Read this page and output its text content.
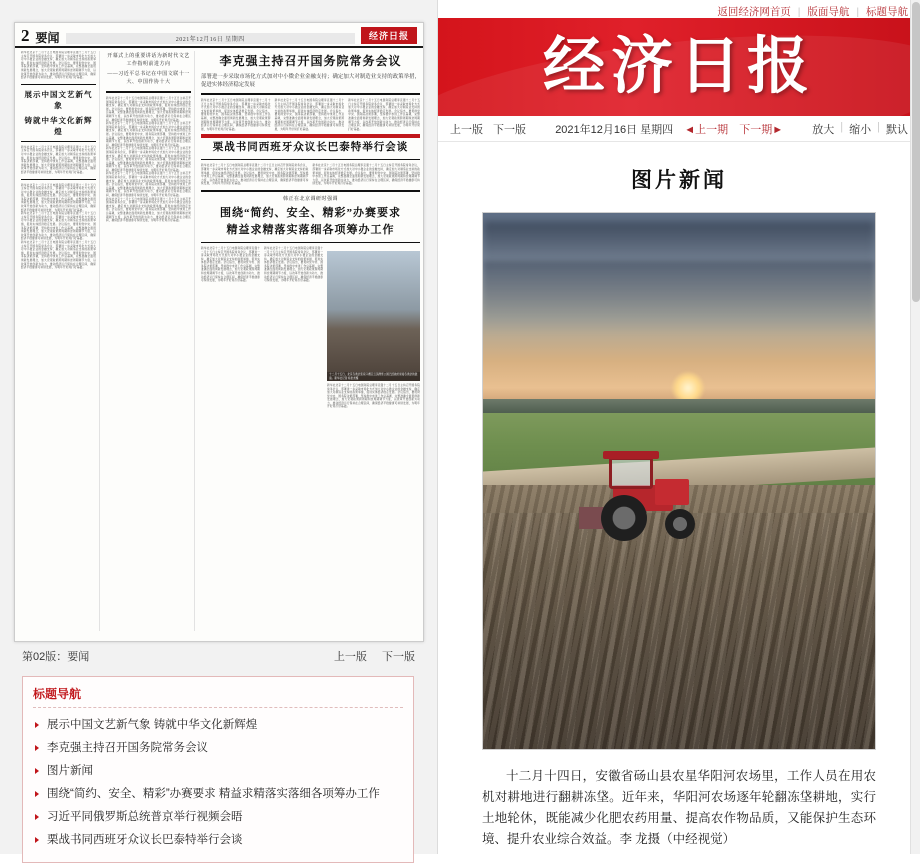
2 要闻	2021年12月16日 星期四	经济日报
新华社北京十二月十五日电国务院总理李克强十二月十五日主持召开国务院常务会议，部署进一步采取市场化方式加大对中小微企业的金融支持，确定加大对制造业支持的政策举措，促进实体经济稳定发展。会议指出，要贯彻党中央、国务院决策部署，坚持稳中求进工作总基调，完整准确全面贯彻新发展理念，加大宏观政策跨周期和逆周期调节力度，以改革开放创新为动力，推动经济运行保持在合理区间，确保经济平稳健康可持续发展，为明年开好局打好基础。
展示中国文艺新气象
铸就中华文化新辉煌
新华社北京十二月十五日电国务院总理李克强十二月十五日主持召开国务院常务会议，部署进一步采取市场化方式加大对中小微企业的金融支持，确定加大对制造业支持的政策举措，促进实体经济稳定发展。会议指出，要贯彻党中央、国务院决策部署，坚持稳中求进工作总基调，完整准确全面贯彻新发展理念，加大宏观政策跨周期和逆周期调节力度，以改革开放创新为动力，推动经济运行保持在合理区间，确保经济平稳健康可持续发展，为明年开好局打好基础。
新华社北京十二月十五日电国务院总理李克强十二月十五日主持召开国务院常务会议，部署进一步采取市场化方式加大对中小微企业的金融支持，确定加大对制造业支持的政策举措，促进实体经济稳定发展。会议指出，要贯彻党中央、国务院决策部署，坚持稳中求进工作总基调，完整准确全面贯彻新发展理念，加大宏观政策跨周期和逆周期调节力度，以改革开放创新为动力，推动经济运行保持在合理区间，确保经济平稳健康可持续发展，为明年开好局打好基础。
新华社北京十二月十五日电国务院总理李克强十二月十五日主持召开国务院常务会议，部署进一步采取市场化方式加大对中小微企业的金融支持，确定加大对制造业支持的政策举措，促进实体经济稳定发展。会议指出，要贯彻党中央、国务院决策部署，坚持稳中求进工作总基调，完整准确全面贯彻新发展理念，加大宏观政策跨周期和逆周期调节力度，以改革开放创新为动力，推动经济运行保持在合理区间，确保经济平稳健康可持续发展，为明年开好局打好基础。
新华社北京十二月十五日电国务院总理李克强十二月十五日主持召开国务院常务会议，部署进一步采取市场化方式加大对中小微企业的金融支持，确定加大对制造业支持的政策举措，促进实体经济稳定发展。会议指出，要贯彻党中央、国务院决策部署，坚持稳中求进工作总基调，完整准确全面贯彻新发展理念，加大宏观政策跨周期和逆周期调节力度，以改革开放创新为动力，推动经济运行保持在合理区间，确保经济平稳健康可持续发展，为明年开好局打好基础。
开幕式上的重要讲话为新时代文艺工作指明前进方向
——习近平总书记在中国文联十一大、中国作协十大
新华社北京十二月十五日电国务院总理李克强十二月十五日主持召开国务院常务会议，部署进一步采取市场化方式加大对中小微企业的金融支持，确定加大对制造业支持的政策举措，促进实体经济稳定发展。会议指出，要贯彻党中央、国务院决策部署，坚持稳中求进工作总基调，完整准确全面贯彻新发展理念，加大宏观政策跨周期和逆周期调节力度，以改革开放创新为动力，推动经济运行保持在合理区间，确保经济平稳健康可持续发展，为明年开好局打好基础。
新华社北京十二月十五日电国务院总理李克强十二月十五日主持召开国务院常务会议，部署进一步采取市场化方式加大对中小微企业的金融支持，确定加大对制造业支持的政策举措，促进实体经济稳定发展。会议指出，要贯彻党中央、国务院决策部署，坚持稳中求进工作总基调，完整准确全面贯彻新发展理念，加大宏观政策跨周期和逆周期调节力度，以改革开放创新为动力，推动经济运行保持在合理区间，确保经济平稳健康可持续发展，为明年开好局打好基础。
新华社北京十二月十五日电国务院总理李克强十二月十五日主持召开国务院常务会议，部署进一步采取市场化方式加大对中小微企业的金融支持，确定加大对制造业支持的政策举措，促进实体经济稳定发展。会议指出，要贯彻党中央、国务院决策部署，坚持稳中求进工作总基调，完整准确全面贯彻新发展理念，加大宏观政策跨周期和逆周期调节力度，以改革开放创新为动力，推动经济运行保持在合理区间，确保经济平稳健康可持续发展，为明年开好局打好基础。
新华社北京十二月十五日电国务院总理李克强十二月十五日主持召开国务院常务会议，部署进一步采取市场化方式加大对中小微企业的金融支持，确定加大对制造业支持的政策举措，促进实体经济稳定发展。会议指出，要贯彻党中央、国务院决策部署，坚持稳中求进工作总基调，完整准确全面贯彻新发展理念，加大宏观政策跨周期和逆周期调节力度，以改革开放创新为动力，推动经济运行保持在合理区间，确保经济平稳健康可持续发展，为明年开好局打好基础。
新华社北京十二月十五日电国务院总理李克强十二月十五日主持召开国务院常务会议，部署进一步采取市场化方式加大对中小微企业的金融支持，确定加大对制造业支持的政策举措，促进实体经济稳定发展。会议指出，要贯彻党中央、国务院决策部署，坚持稳中求进工作总基调，完整准确全面贯彻新发展理念，加大宏观政策跨周期和逆周期调节力度，以改革开放创新为动力，推动经济运行保持在合理区间，确保经济平稳健康可持续发展，为明年开好局打好基础。
李克强主持召开国务院常务会议
部署进一步采取市场化方式加对中小微企业金融支持；确定加大对制造业支持的政策举措，促进实体经济稳定发展
新华社北京十二月十五日电国务院总理李克强十二月十五日主持召开国务院常务会议，部署进一步采取市场化方式加大对中小微企业的金融支持，确定加大对制造业支持的政策举措，促进实体经济稳定发展。会议指出，要贯彻党中央、国务院决策部署，坚持稳中求进工作总基调，完整准确全面贯彻新发展理念，加大宏观政策跨周期和逆周期调节力度，以改革开放创新为动力，推动经济运行保持在合理区间，确保经济平稳健康可持续发展，为明年开好局打好基础。
新华社北京十二月十五日电国务院总理李克强十二月十五日主持召开国务院常务会议，部署进一步采取市场化方式加大对中小微企业的金融支持，确定加大对制造业支持的政策举措，促进实体经济稳定发展。会议指出，要贯彻党中央、国务院决策部署，坚持稳中求进工作总基调，完整准确全面贯彻新发展理念，加大宏观政策跨周期和逆周期调节力度，以改革开放创新为动力，推动经济运行保持在合理区间，确保经济平稳健康可持续发展，为明年开好局打好基础。
新华社北京十二月十五日电国务院总理李克强十二月十五日主持召开国务院常务会议，部署进一步采取市场化方式加大对中小微企业的金融支持，确定加大对制造业支持的政策举措，促进实体经济稳定发展。会议指出，要贯彻党中央、国务院决策部署，坚持稳中求进工作总基调，完整准确全面贯彻新发展理念，加大宏观政策跨周期和逆周期调节力度，以改革开放创新为动力，推动经济运行保持在合理区间，确保经济平稳健康可持续发展，为明年开好局打好基础。
栗战书同西班牙众议长巴泰特举行会谈
新华社北京十二月十五日电国务院总理李克强十二月十五日主持召开国务院常务会议，部署进一步采取市场化方式加大对中小微企业的金融支持，确定加大对制造业支持的政策举措，促进实体经济稳定发展。会议指出，要贯彻党中央、国务院决策部署，坚持稳中求进工作总基调，完整准确全面贯彻新发展理念，加大宏观政策跨周期和逆周期调节力度，以改革开放创新为动力，推动经济运行保持在合理区间，确保经济平稳健康可持续发展，为明年开好局打好基础。
新华社北京十二月十五日电国务院总理李克强十二月十五日主持召开国务院常务会议，部署进一步采取市场化方式加大对中小微企业的金融支持，确定加大对制造业支持的政策举措，促进实体经济稳定发展。会议指出，要贯彻党中央、国务院决策部署，坚持稳中求进工作总基调，完整准确全面贯彻新发展理念，加大宏观政策跨周期和逆周期调节力度，以改革开放创新为动力，推动经济运行保持在合理区间，确保经济平稳健康可持续发展，为明年开好局打好基础。
韩正在北京调研时强调
围绕“简约、安全、精彩”办赛要求
精益求精落实落细各项筹办工作
新华社北京十二月十五日电国务院总理李克强十二月十五日主持召开国务院常务会议，部署进一步采取市场化方式加大对中小微企业的金融支持，确定加大对制造业支持的政策举措，促进实体经济稳定发展。会议指出，要贯彻党中央、国务院决策部署，坚持稳中求进工作总基调，完整准确全面贯彻新发展理念，加大宏观政策跨周期和逆周期调节力度，以改革开放创新为动力，推动经济运行保持在合理区间，确保经济平稳健康可持续发展，为明年开好局打好基础。
新华社北京十二月十五日电国务院总理李克强十二月十五日主持召开国务院常务会议，部署进一步采取市场化方式加大对中小微企业的金融支持，确定加大对制造业支持的政策举措，促进实体经济稳定发展。会议指出，要贯彻党中央、国务院决策部署，坚持稳中求进工作总基调，完整准确全面贯彻新发展理念，加大宏观政策跨周期和逆周期调节力度，以改革开放创新为动力，推动经济运行保持在合理区间，确保经济平稳健康可持续发展，为明年开好局打好基础。
十二月十五日，北京冬奥会张家口赛区云顶滑雪公园已经做好迎接冬奥会的准备。新华社记者 杨世尧摄
新华社北京十二月十五日电国务院总理李克强十二月十五日主持召开国务院常务会议，部署进一步采取市场化方式加大对中小微企业的金融支持，确定加大对制造业支持的政策举措，促进实体经济稳定发展。会议指出，要贯彻党中央、国务院决策部署，坚持稳中求进工作总基调，完整准确全面贯彻新发展理念，加大宏观政策跨周期和逆周期调节力度，以改革开放创新为动力，推动经济运行保持在合理区间，确保经济平稳健康可持续发展，为明年开好局打好基础。
第02版：要闻	上一版 下一版
标题导航
展示中国文艺新气象 铸就中华文化新辉煌
李克强主持召开国务院常务会议
图片新闻
围绕“简约、安全、精彩”办赛要求 精益求精落实落细各项筹办工作
习近平同俄罗斯总统普京举行视频会晤
栗战书同西班牙众议长巴泰特举行会谈
返回经济网首页 | 版面导航 | 标题导航
经济日报
上一版 下一版	2021年12月16日 星期四 ◄上一期 下一期►	放大 | 缩小 | 默认
图片新闻
十二月十四日，安徽省砀山县农星华阳河农场里，工作人员在用农机对耕地进行翻耕冻垡。近年来，华阳河农场逐年轮翻冻垡耕地，实行土地轮休，既能减少化肥农药用量、提高农作物品质，又能保护生态环境、提升农业综合效益。李 龙摄（中经视觉）
